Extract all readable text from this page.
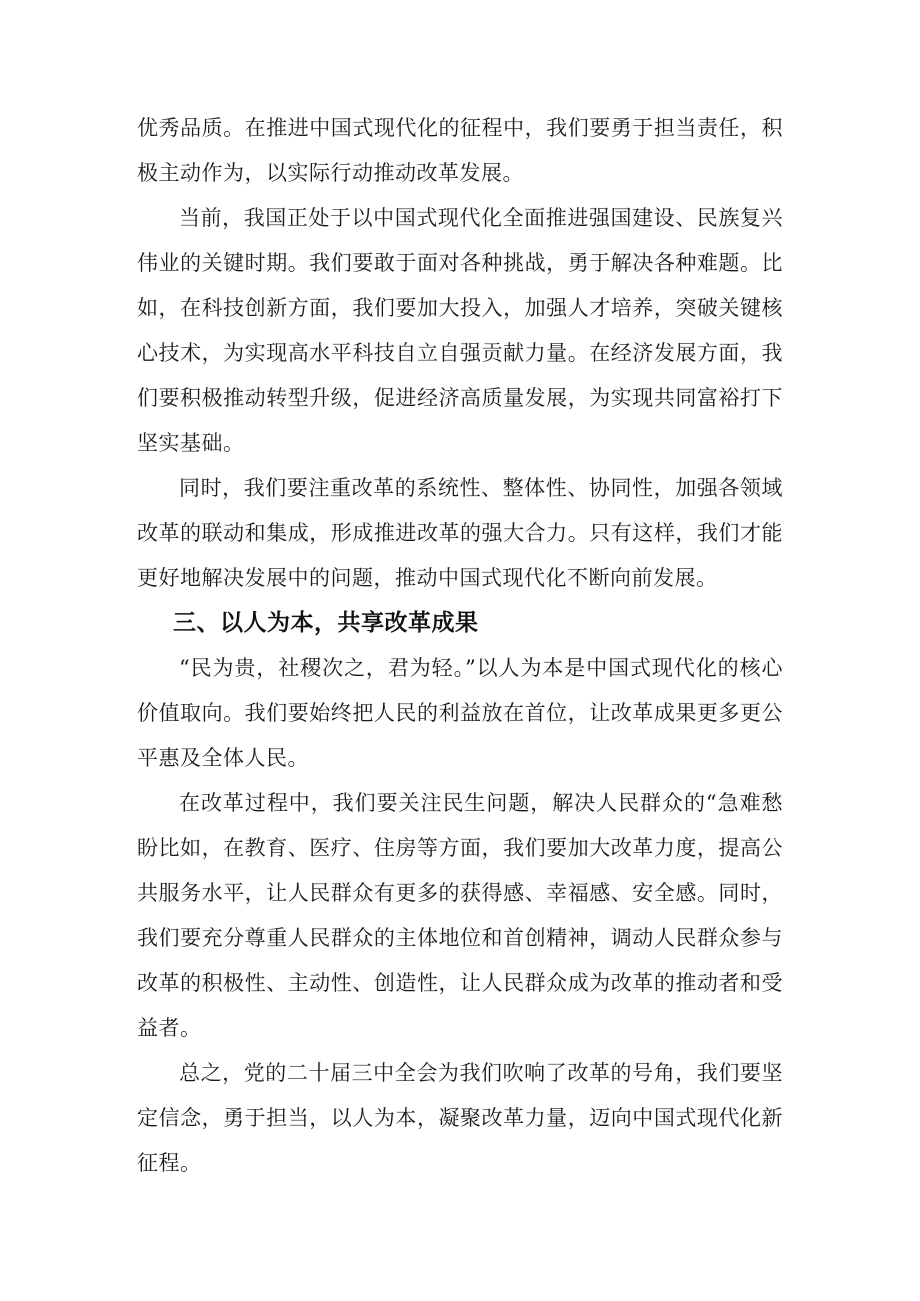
优秀品质。在推进中国式现代化的征程中，我们要勇于担当责任，积极主动作为，以实际行动推动改革发展。

当前，我国正处于以中国式现代化全面推进强国建设、民族复兴伟业的关键时期。我们要敢于面对各种挑战，勇于解决各种难题。比如，在科技创新方面，我们要加大投入，加强人才培养，突破关键核心技术，为实现高水平科技自立自强贡献力量。在经济发展方面，我们要积极推动转型升级，促进经济高质量发展，为实现共同富裕打下坚实基础。

同时，我们要注重改革的系统性、整体性、协同性，加强各领域改革的联动和集成，形成推进改革的强大合力。只有这样，我们才能更好地解决发展中的问题，推动中国式现代化不断向前发展。

三、以人为本，共享改革成果

“民为贵，社稷次之，君为轻。”以人为本是中国式现代化的核心价值取向。我们要始终把人民的利益放在首位，让改革成果更多更公平惠及全体人民。

在改革过程中，我们要关注民生问题，解决人民群众的“急难愁盼比如，在教育、医疗、住房等方面，我们要加大改革力度，提高公共服务水平，让人民群众有更多的获得感、幸福感、安全感。同时，我们要充分尊重人民群众的主体地位和首创精神，调动人民群众参与改革的积极性、主动性、创造性，让人民群众成为改革的推动者和受益者。

总之，党的二十届三中全会为我们吹响了改革的号角，我们要坚定信念，勇于担当，以人为本，凝聚改革力量，迈向中国式现代化新征程。
